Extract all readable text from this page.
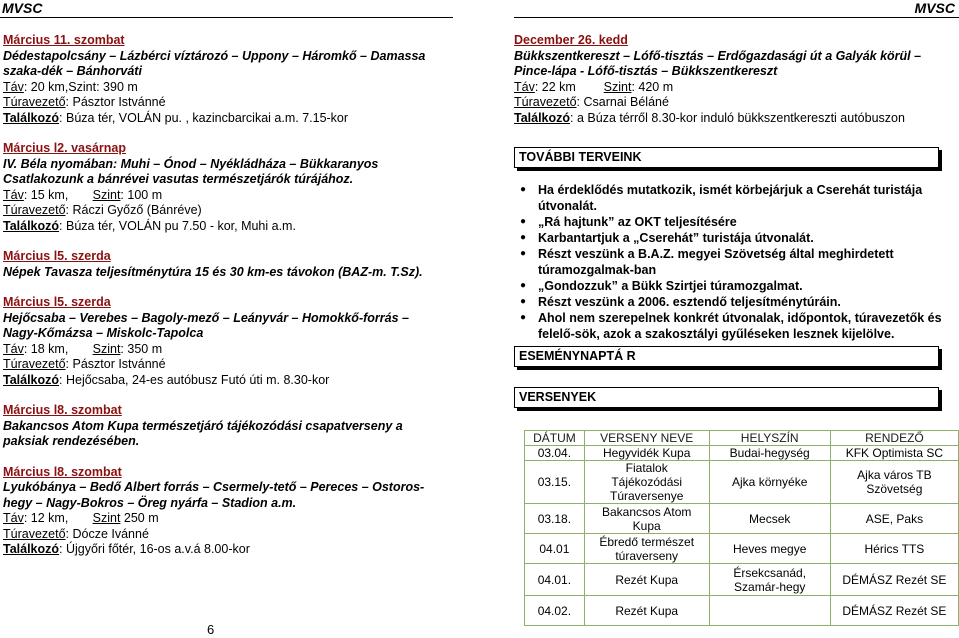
MVSC	MVSC
Március 11. szombat
Dédestapolcsány – Lázbérci víztározó – Uppony – Háromkő – Damassa szaka-dék – Bánhorváti
Táv: 20 km,Szint: 390 m
Túravezető: Pásztor István​né
Találkozó: Búza tér, VOLÁN pu. , kazincbarcikai a.m. 7.15-kor
Március l2. vasárnap
IV. Béla nyomában: Muhi – Ónod – Nyékládháza – Bükkaranyos Csatlakozunk a bánrévei vasutas természetjárók túrájához.
Táv: 15 km, Szint: 100 m
Túravezető: Ráczi Győző (Bánréve)
Találkozó: Búza tér, VOLÁN pu 7.50 - kor, Muhi a.m.
Március l5. szerda
Népek Tavasza teljesítménytúra 15 és 30 km-es távokon (BAZ-m. T.Sz).
Március l5. szerda
Hejőcsaba – Verebes – Bagoly-mező – Leányvár – Homokkő-forrás – Nagy-Kőmázsa – Miskolc-Tapolca
Táv: 18 km, Szint: 350 m
Túravezető: Pásztor István​né
Találkozó: Hejőcsaba, 24-es autóbusz Futó úti m. 8.30-kor
Március l8. szombat
Bakancsos Atom Kupa természetjáró tájékozódási csapatverseny a paksiak rendezésében.
Március l8. szombat
Lyukóbánya – Bedő Albert forrás – Csermely-tető – Pereces – Ostoros-hegy – Nagy-Bokros – Öreg nyárfa – Stadion a.m.
Táv: 12 km, Szint 250 m
Túravezető: Dócze Ivánné
Találkozó: Újgyőri főtér, 16-os a.v.á 8.00-kor
December 26. kedd
Bükkszentkereszt – Lófő-tisztás – Erdőgazdasági út a Galyák körül –Pince-lápa - Lófő-tisztás – Bükkszentkereszt
Táv: 22 km Szint: 420 m
Túravezető: Csarnai Béláné
Találkozó: a Búza térről 8.30-kor induló bükkszentkereszti autóbuszon
TOVÁBBI TERVEINK
● Ha érdeklődés mutatkozik, ismét körbejárjuk a Cserehát turistája útvonalát.
● „Rá hajtunk” az OKT teljesítésére
● Karbantartjuk a „Cserehát” turistája útvonalát.
● Részt veszünk a B.A.Z. megyei Szövetség által meghirdetett túramozgalmak-ban
● „Gondozzuk” a Bükk Szirtjei túramozgalmat.
● Részt veszünk a 2006. esztendő teljesítménytúráin.
● Ahol nem szerepelnek konkrét útvonalak, időpontok, túravezetők és felelő-sök, azok a szakosztályi gyűléseken lesznek kijelölve.
ESEMÉNYNAPTÁ R
VERSENYEK
DÁTUM	VERSENY NEVE	HELYSZÍN	RENDEZŐ
03.04.	Hegyvidék Kupa	Budai-hegység	KFK Optimista SC
03.15.	Fiatalok Tájékozódási Túraversenye	Ajka környéke	Ajka város TB Szövetség
03.18.	Bakancsos Atom Kupa	Mecsek	ASE, Paks
04.01	Ébredő természet túraverseny	Heves megye	Hérics TTS
04.01.	Rezét Kupa	Érsekcsanád, Szamár-hegy	DÉMÁSZ Rezét SE
04.02.	Rezét Kupa		DÉMÁSZ Rezét SE
6
